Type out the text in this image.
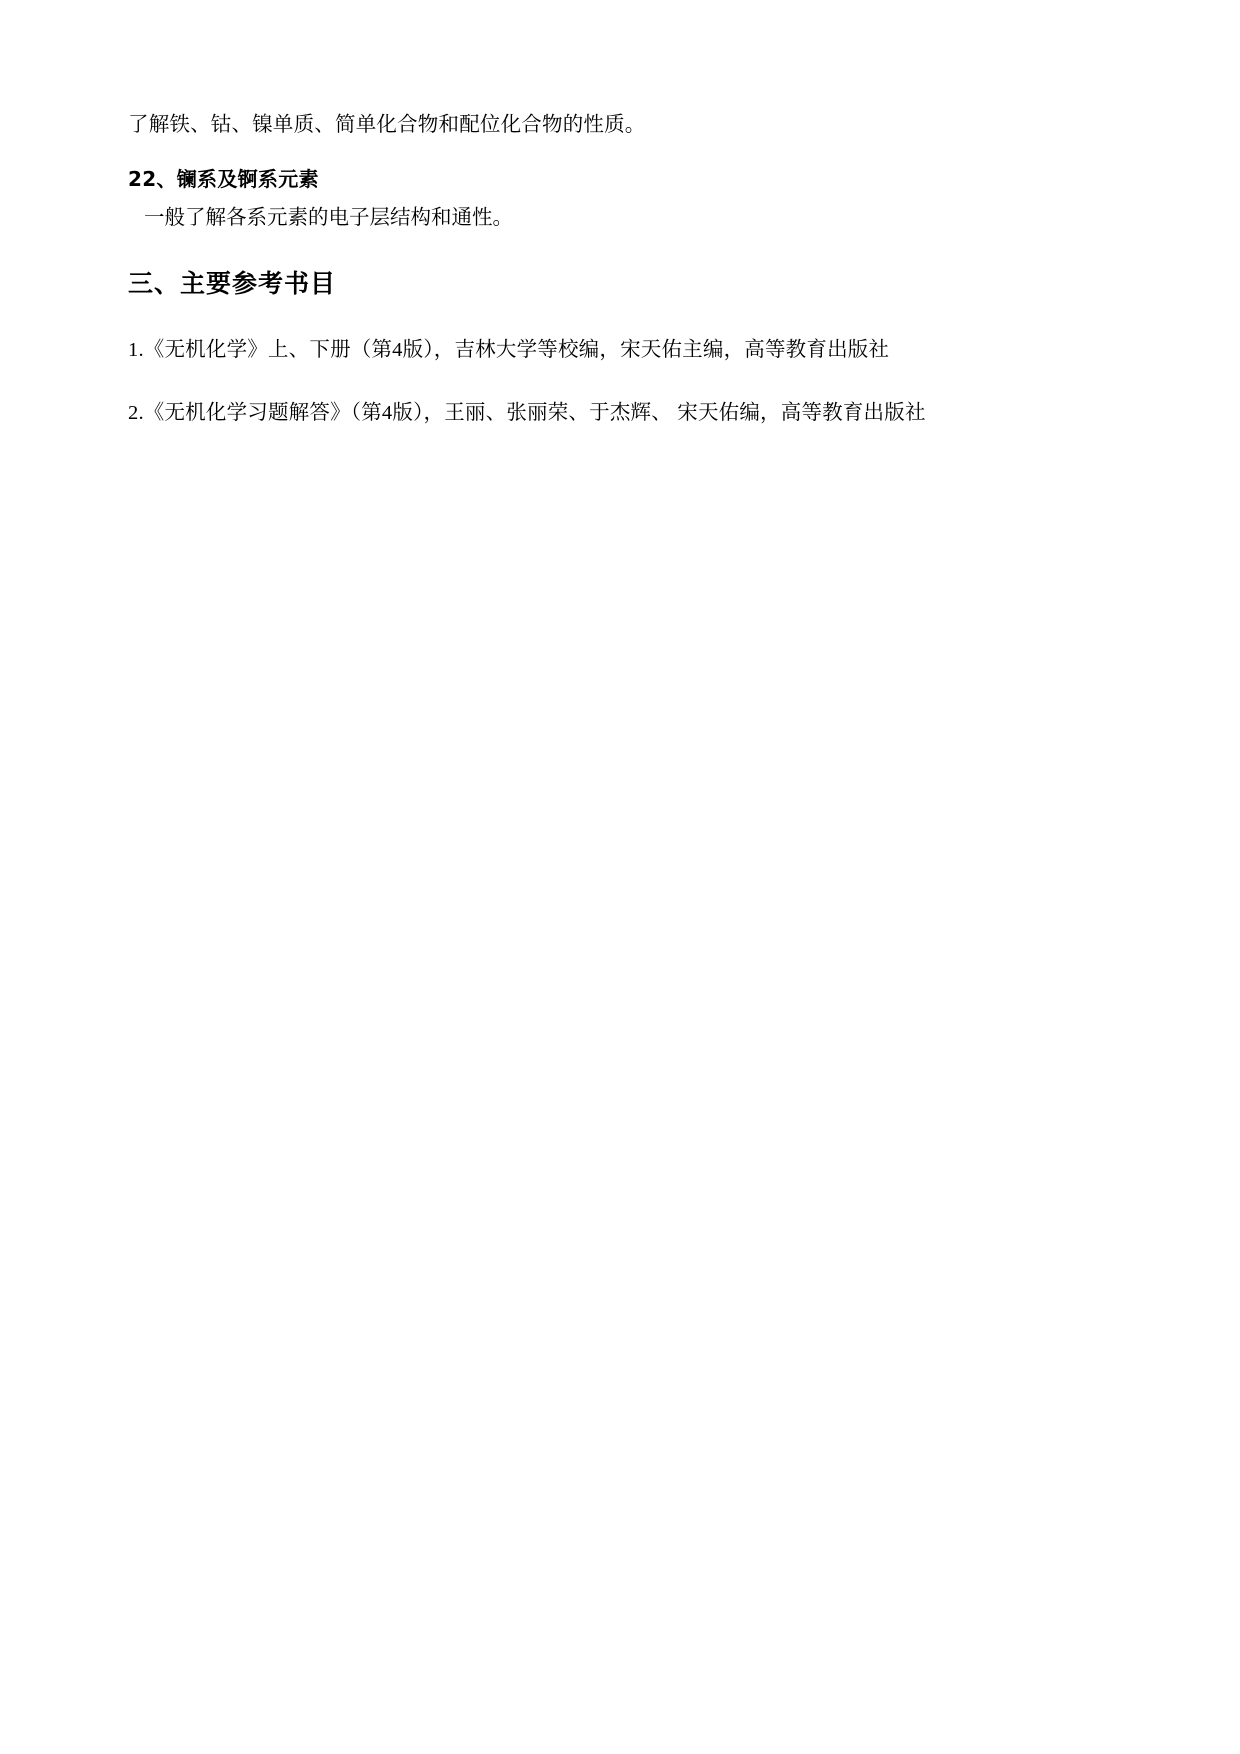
了解铁、钴、镍单质、简单化合物和配位化合物的性质。

22、镧系及锕系元素

一般了解各系元素的电子层结构和通性。

三、主要参考书目

1.《无机化学》上、下册（第4版），吉林大学等校编，宋天佑主编，高等教育出版社

2.《无机化学习题解答》（第4版），王丽、张丽荣、于杰辉、 宋天佑编，高等教育出版社
